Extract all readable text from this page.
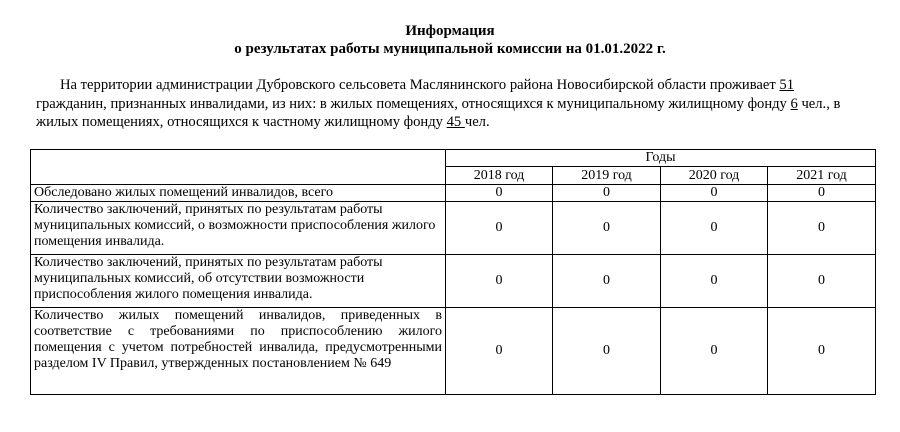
Информация

о результатах работы муниципальной комиссии на 01.01.2022 г.

На территории администрации Дубровского сельсовета Маслянинского района Новосибирской области проживает 51 гражданин, признанных инвалидами, из них: в жилых помещениях, относящихся к муниципальному жилищному фонду 6 чел., в жилых помещениях, относящихся к частному жилищному фонду 45 чел.

	Годы			
	2018 год	2019 год	2020 год	2021 год
Обследовано жилых помещений инвалидов, всего	0	0	0	0
Количество заключений, принятых по результатам работы муниципальных комиссий, о возможности приспособления жилого помещения инвалида.	0	0	0	0
Количество заключений, принятых по результатам работы муниципальных комиссий, об отсутствии возможности приспособления жилого помещения инвалида.	0	0	0	0
Количество жилых помещений инвалидов, приведенных в соответствие с требованиями по приспособлению жилого помещения с учетом потребностей инвалида, предусмотренными разделом IV Правил, утвержденных постановлением № 649	0	0	0	0
